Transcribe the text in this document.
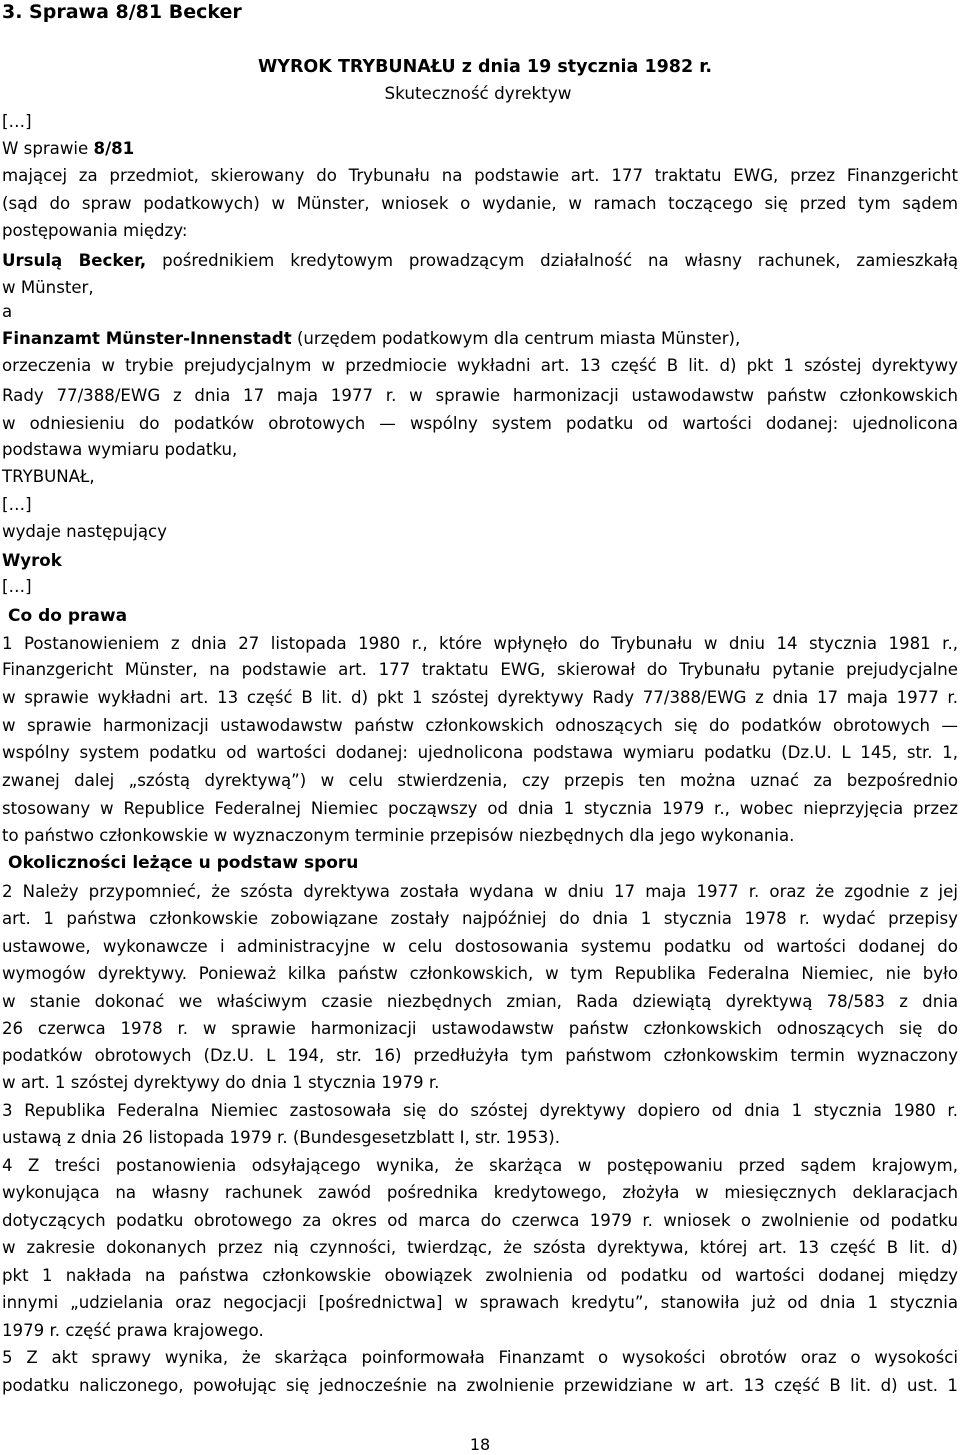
3. Sprawa 8/81 Becker
WYROK TRYBUNAŁU z dnia 19 stycznia 1982 r.
Skuteczność dyrektyw
[…]
W sprawie 8/81
mającej za przedmiot, skierowany do Trybunału na podstawie art. 177 traktatu EWG, przez Finanzgericht
(sąd do spraw podatkowych) w Münster, wniosek o wydanie, w ramach toczącego się przed tym sądem
postępowania między:
Ursulą Becker, pośrednikiem kredytowym prowadzącym działalność na własny rachunek, zamieszkałą
w Münster,
a
Finanzamt Münster-Innenstadt (urzędem podatkowym dla centrum miasta Münster),
orzeczenia w trybie prejudycjalnym w przedmiocie wykładni art. 13 część B lit. d) pkt 1 szóstej dyrektywy
Rady 77/388/EWG z dnia 17 maja 1977 r. w sprawie harmonizacji ustawodawstw państw członkowskich
w odniesieniu do podatków obrotowych — wspólny system podatku od wartości dodanej: ujednolicona
podstawa wymiaru podatku,
TRYBUNAŁ,
[…]
wydaje następujący
Wyrok
[…]
Co do prawa
1 Postanowieniem z dnia 27 listopada 1980 r., które wpłynęło do Trybunału w dniu 14 stycznia 1981 r.,
Finanzgericht Münster, na podstawie art. 177 traktatu EWG, skierował do Trybunału pytanie prejudycjalne
w sprawie wykładni art. 13 część B lit. d) pkt 1 szóstej dyrektywy Rady 77/388/EWG z dnia 17 maja 1977 r.
w sprawie harmonizacji ustawodawstw państw członkowskich odnoszących się do podatków obrotowych —
wspólny system podatku od wartości dodanej: ujednolicona podstawa wymiaru podatku (Dz.U. L 145, str. 1,
zwanej dalej „szóstą dyrektywą”) w celu stwierdzenia, czy przepis ten można uznać za bezpośrednio
stosowany w Republice Federalnej Niemiec począwszy od dnia 1 stycznia 1979 r., wobec nieprzyjęcia przez
to państwo członkowskie w wyznaczonym terminie przepisów niezbędnych dla jego wykonania.
Okoliczności leżące u podstaw sporu
2 Należy przypomnieć, że szósta dyrektywa została wydana w dniu 17 maja 1977 r. oraz że zgodnie z jej
art. 1 państwa członkowskie zobowiązane zostały najpóźniej do dnia 1 stycznia 1978 r. wydać przepisy
ustawowe, wykonawcze i administracyjne w celu dostosowania systemu podatku od wartości dodanej do
wymogów dyrektywy. Ponieważ kilka państw członkowskich, w tym Republika Federalna Niemiec, nie było
w stanie dokonać we właściwym czasie niezbędnych zmian, Rada dziewiątą dyrektywą 78/583 z dnia
26 czerwca 1978 r. w sprawie harmonizacji ustawodawstw państw członkowskich odnoszących się do
podatków obrotowych (Dz.U. L 194, str. 16) przedłużyła tym państwom członkowskim termin wyznaczony
w art. 1 szóstej dyrektywy do dnia 1 stycznia 1979 r.
3 Republika Federalna Niemiec zastosowała się do szóstej dyrektywy dopiero od dnia 1 stycznia 1980 r.
ustawą z dnia 26 listopada 1979 r. (Bundesgesetzblatt I, str. 1953).
4 Z treści postanowienia odsyłającego wynika, że skarżąca w postępowaniu przed sądem krajowym,
wykonująca na własny rachunek zawód pośrednika kredytowego, złożyła w miesięcznych deklaracjach
dotyczących podatku obrotowego za okres od marca do czerwca 1979 r. wniosek o zwolnienie od podatku
w zakresie dokonanych przez nią czynności, twierdząc, że szósta dyrektywa, której art. 13 część B lit. d)
pkt 1 nakłada na państwa członkowskie obowiązek zwolnienia od podatku od wartości dodanej między
innymi „udzielania oraz negocjacji [pośrednictwa] w sprawach kredytu”, stanowiła już od dnia 1 stycznia
1979 r. część prawa krajowego.
5 Z akt sprawy wynika, że skarżąca poinformowała Finanzamt o wysokości obrotów oraz o wysokości
podatku naliczonego, powołując się jednocześnie na zwolnienie przewidziane w art. 13 część B lit. d) ust. 1
18
